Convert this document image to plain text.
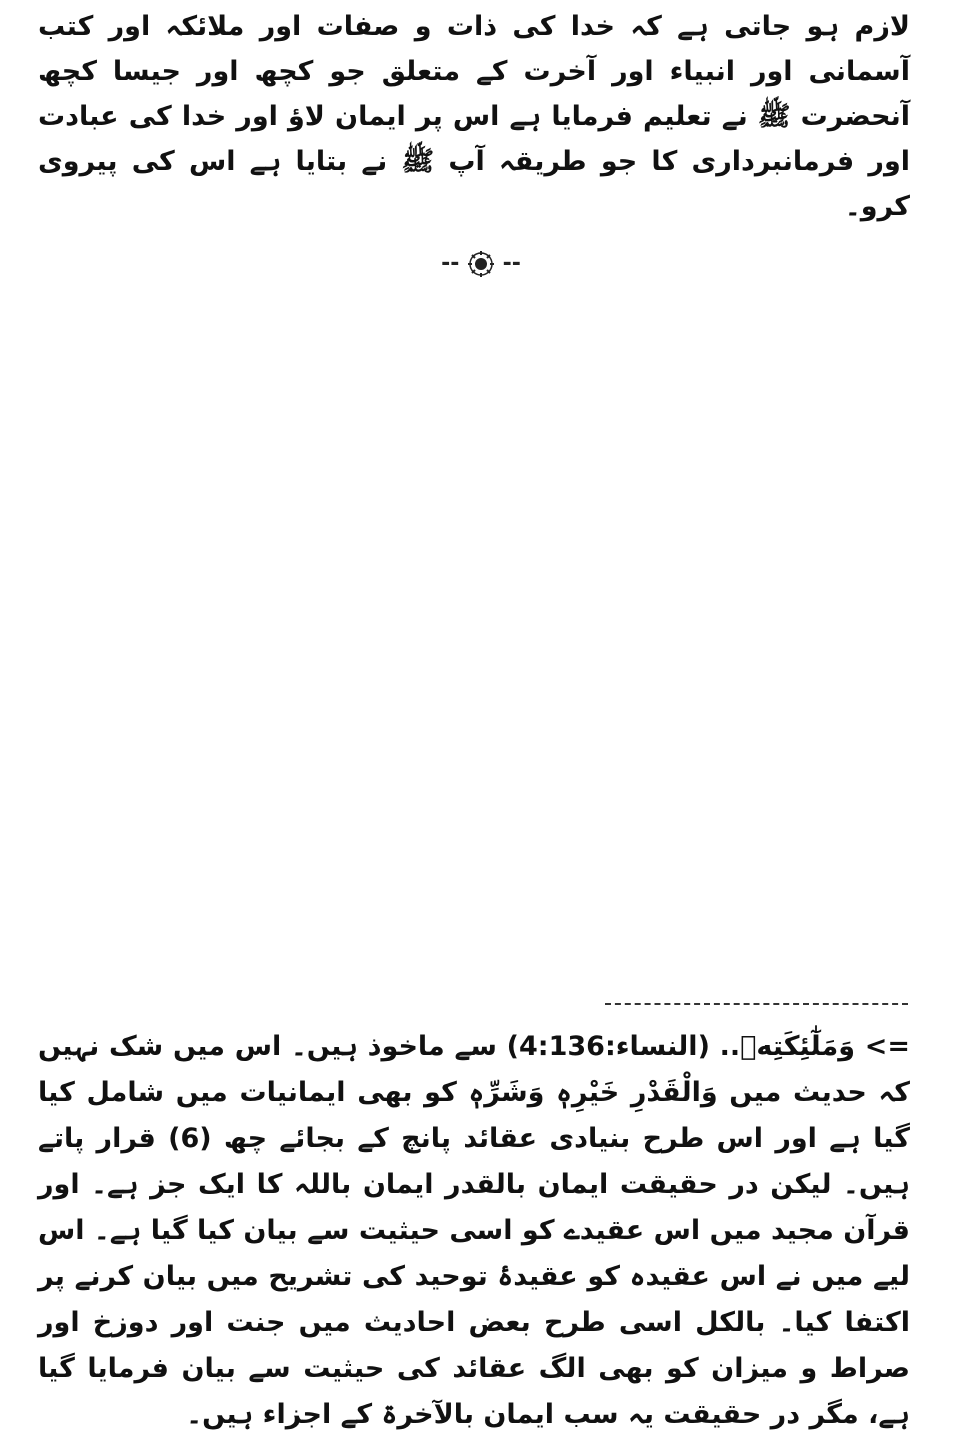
لازم ہو جاتی ہے کہ خدا کی ذات و صفات اور ملائکہ اور کتب آسمانی اور انبیاء اور آخرت کے متعلق جو کچھ اور جیسا کچھ آنحضرت ﷺ نے تعلیم فرمایا ہے اس پر ایمان لاؤ اور خدا کی عبادت اور فرمانبرداری کا جو طریقہ آپ ﷺ نے بتایا ہے اس کی پیروی کرو۔

-- --

<= وَمَلٰٓئِكَتِهٖ.. (النساء:4:136) سے ماخوذ ہیں۔ اس میں شک نہیں کہ حدیث میں وَالْقَدْرِ خَیْرِہٖ وَشَرِّہٖ کو بھی ایمانیات میں شامل کیا گیا ہے اور اس طرح بنیادی عقائد پانچ کے بجائے چھ (6) قرار پاتے ہیں۔ لیکن در حقیقت ایمان بالقدر ایمان باللہ کا ایک جز ہے۔ اور قرآن مجید میں اس عقیدے کو اسی حیثیت سے بیان کیا گیا ہے۔ اس لیے میں نے اس عقیدہ کو عقیدۂ توحید کی تشریح میں بیان کرنے پر اکتفا کیا۔ بالکل اسی طرح بعض احادیث میں جنت اور دوزخ اور صراط و میزان کو بھی الگ عقائد کی حیثیت سے بیان فرمایا گیا ہے، مگر در حقیقت یہ سب ایمان بالآخرۃ کے اجزاء ہیں۔
